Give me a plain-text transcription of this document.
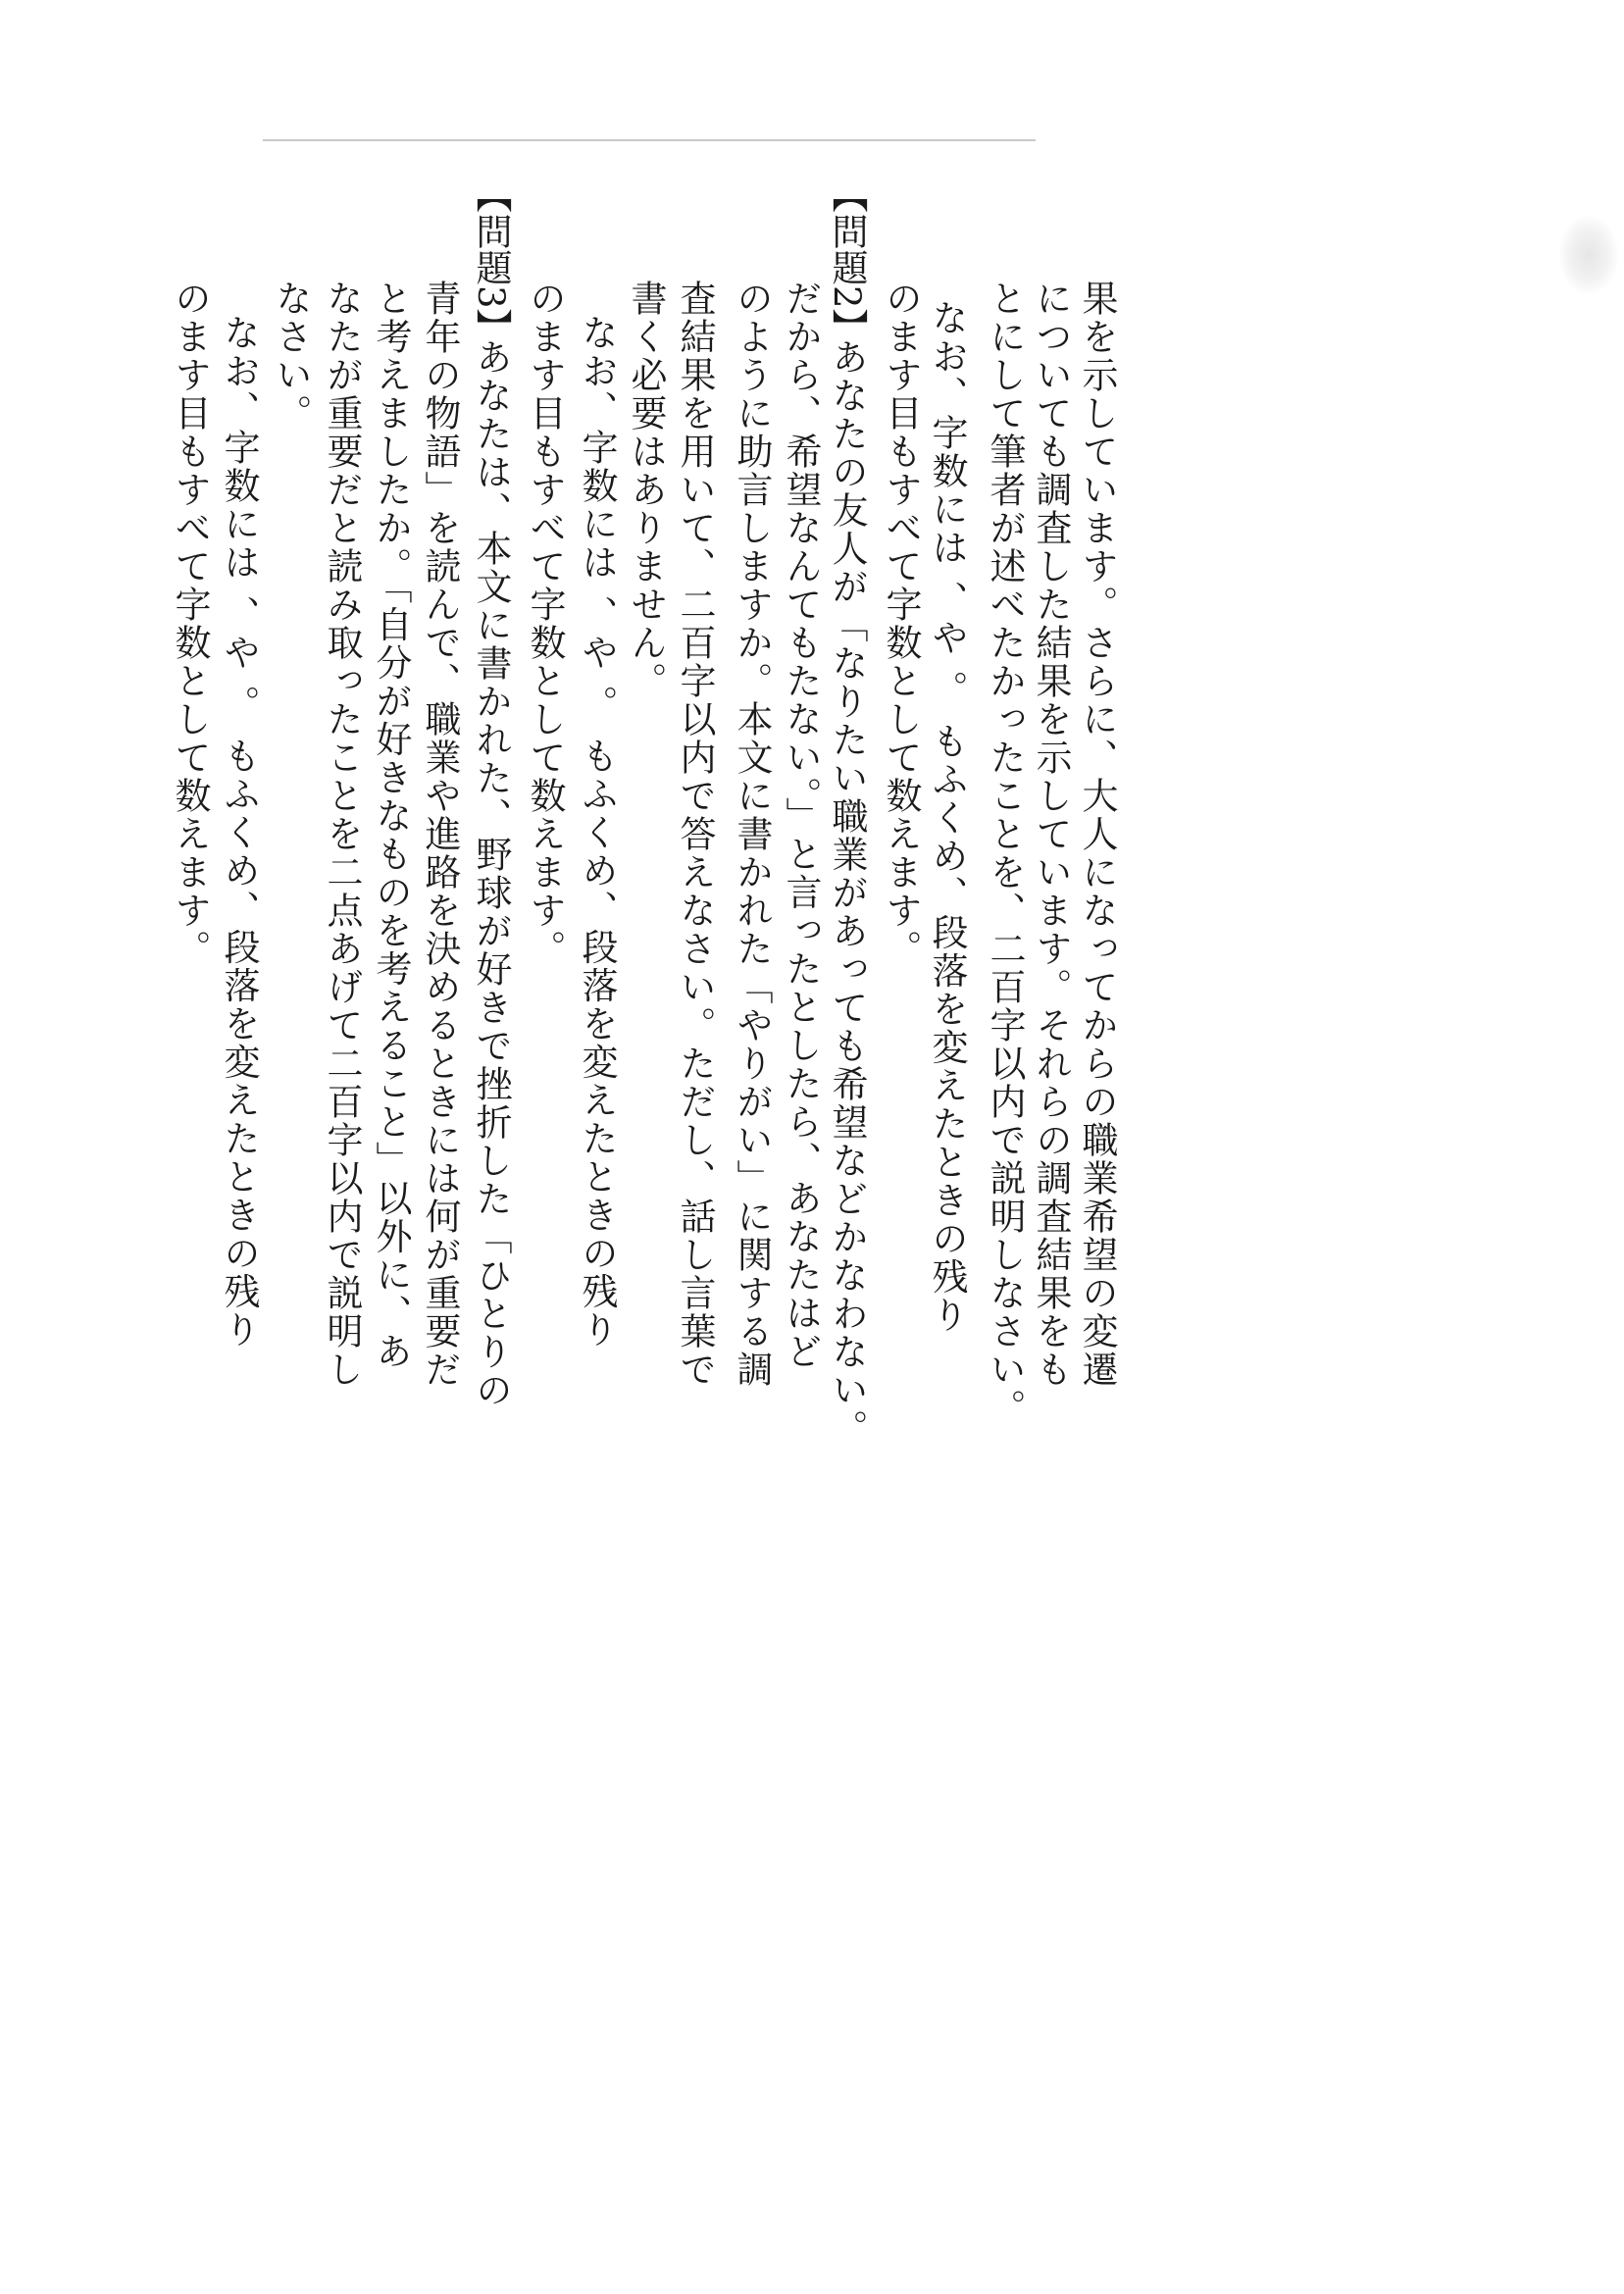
果を示しています。さらに、大人になってからの職業希望の変遷
についても調査した結果を示しています。それらの調査結果をも
とにして筆者が述べたかったことを、二百字以内で説明しなさい。
なお、字数には 、や 。 もふくめ、段落を変えたときの残り
のます目もすべて字数として数えます。
【問題2】
あなたの友人が「なりたい職業があっても希望などかなわない。
だから、希望なんてもたない。」と言ったとしたら、あなたはど
のように助言しますか。本文に書かれた「やりがい」に関する調
査結果を用いて、二百字以内で答えなさい。ただし、話し言葉で
書く必要はありません。
なお、字数には 、や 。 もふくめ、段落を変えたときの残り
のます目もすべて字数として数えます。
【問題3】
あなたは、本文に書かれた、野球が好きで挫折した「ひとりの
青年の物語」を読んで、職業や進路を決めるときには何が重要だ
と考えましたか。「自分が好きなものを考えること」以外に、あ
なたが重要だと読み取ったことを二点あげて二百字以内で説明し
なさい。
なお、字数には 、や 。 もふくめ、段落を変えたときの残り
のます目もすべて字数として数えます。
